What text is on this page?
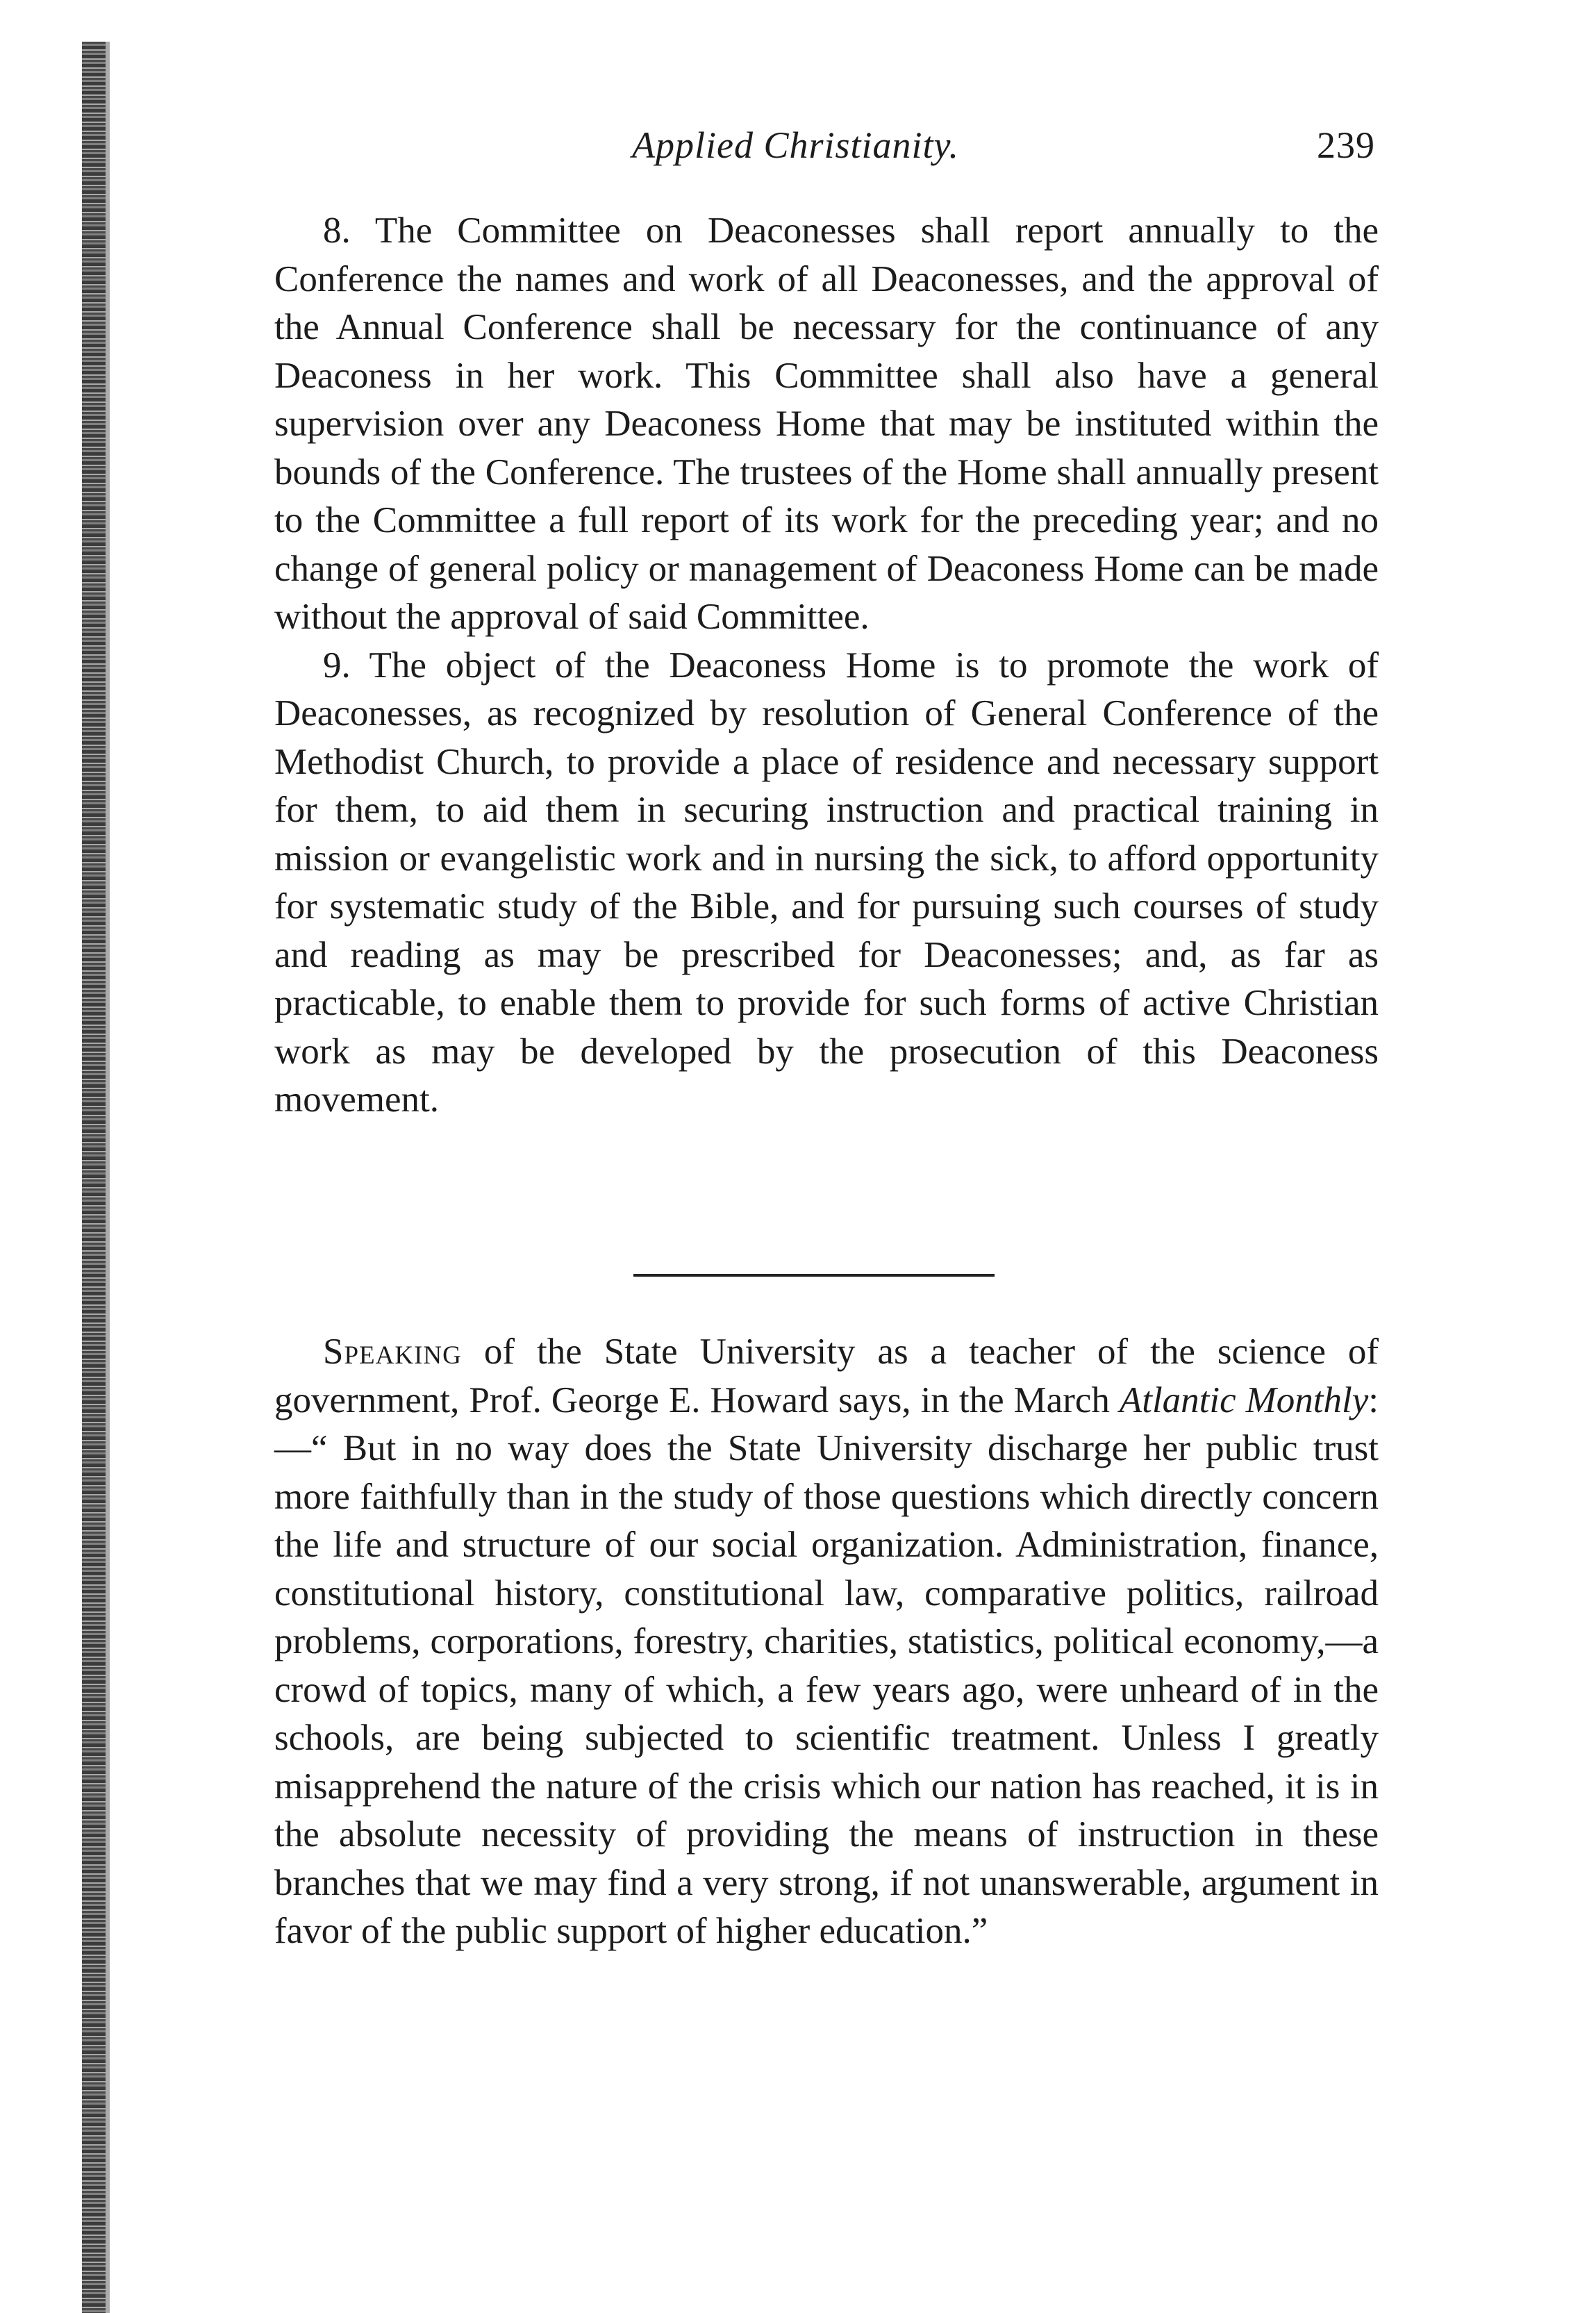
Applied Christianity.	239

8. The Committee on Deaconesses shall report annually to the Conference the names and work of all Deaconesses, and the approval of the Annual Conference shall be necessary for the continuance of any Deaconess in her work. This Committee shall also have a general supervision over any Deaconess Home that may be instituted within the bounds of the Conference. The trustees of the Home shall annually present to the Committee a full report of its work for the preceding year; and no change of general policy or management of Deaconess Home can be made without the approval of said Committee.

9. The object of the Deaconess Home is to promote the work of Deaconesses, as recognized by resolution of General Conference of the Methodist Church, to provide a place of residence and necessary support for them, to aid them in securing instruction and practical training in mission or evangelistic work and in nursing the sick, to afford opportunity for systematic study of the Bible, and for pursuing such courses of study and reading as may be prescribed for Deaconesses; and, as far as practicable, to enable them to provide for such forms of active Christian work as may be developed by the prosecution of this Deaconess movement.

Speaking of the State University as a teacher of the science of government, Prof. George E. Howard says, in the March Atlantic Monthly:—“ But in no way does the State University discharge her public trust more faithfully than in the study of those questions which directly concern the life and structure of our social organization. Administration, finance, constitutional history, constitutional law, comparative politics, railroad problems, corporations, forestry, charities, statistics, political economy,—a crowd of topics, many of which, a few years ago, were unheard of in the schools, are being subjected to scientific treatment. Unless I greatly misapprehend the nature of the crisis which our nation has reached, it is in the absolute necessity of providing the means of instruction in these branches that we may find a very strong, if not unanswerable, argument in favor of the public support of higher education.”
